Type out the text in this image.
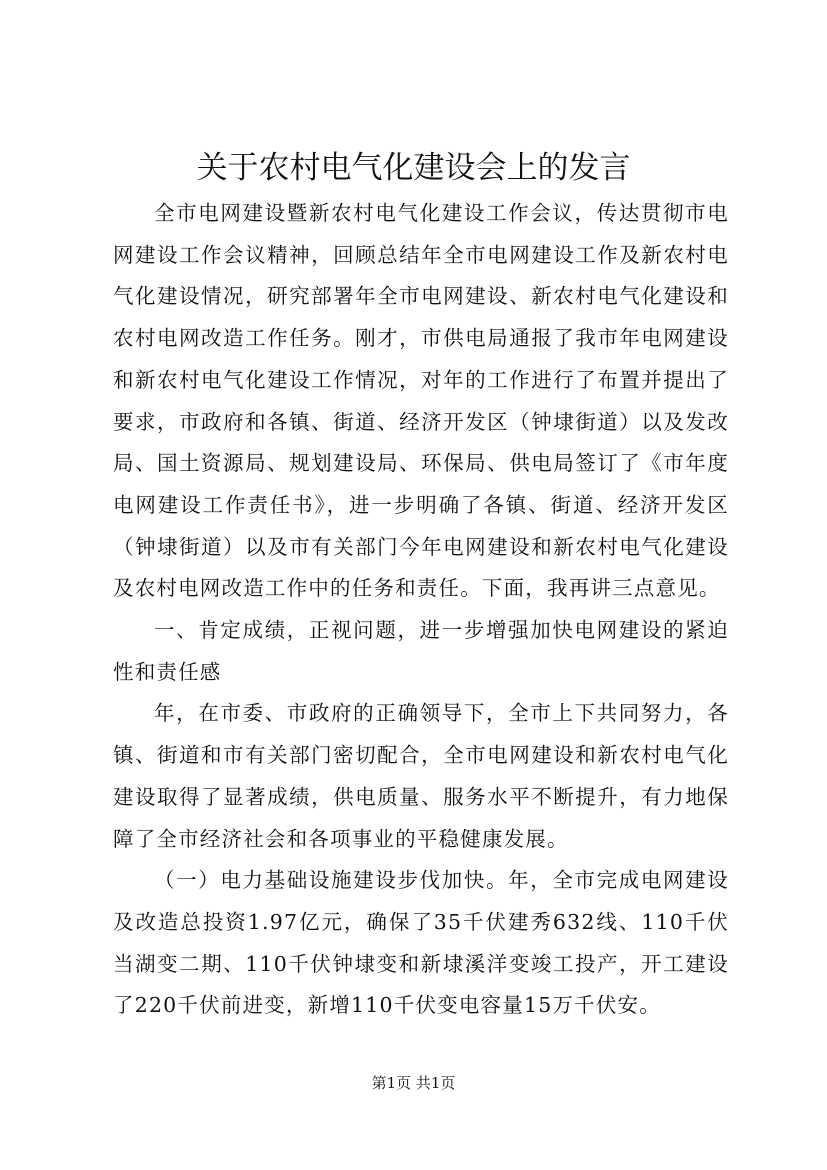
关于农村电气化建设会上的发言

全市电网建设暨新农村电气化建设工作会议，传达贯彻市电网建设工作会议精神，回顾总结年全市电网建设工作及新农村电气化建设情况，研究部署年全市电网建设、新农村电气化建设和农村电网改造工作任务。刚才，市供电局通报了我市年电网建设和新农村电气化建设工作情况，对年的工作进行了布置并提出了要求，市政府和各镇、街道、经济开发区（钟埭街道）以及发改局、国土资源局、规划建设局、环保局、供电局签订了《市年度电网建设工作责任书》，进一步明确了各镇、街道、经济开发区（钟埭街道）以及市有关部门今年电网建设和新农村电气化建设及农村电网改造工作中的任务和责任。下面，我再讲三点意见。

一、肯定成绩，正视问题，进一步增强加快电网建设的紧迫性和责任感

年，在市委、市政府的正确领导下，全市上下共同努力，各镇、街道和市有关部门密切配合，全市电网建设和新农村电气化建设取得了显著成绩，供电质量、服务水平不断提升，有力地保障了全市经济社会和各项事业的平稳健康发展。

（一）电力基础设施建设步伐加快。年，全市完成电网建设及改造总投资1.97亿元，确保了35千伏建秀632线、110千伏当湖变二期、110千伏钟埭变和新埭溪洋变竣工投产，开工建设了220千伏前进变，新增110千伏变电容量15万千伏安。

第1页 共1页
